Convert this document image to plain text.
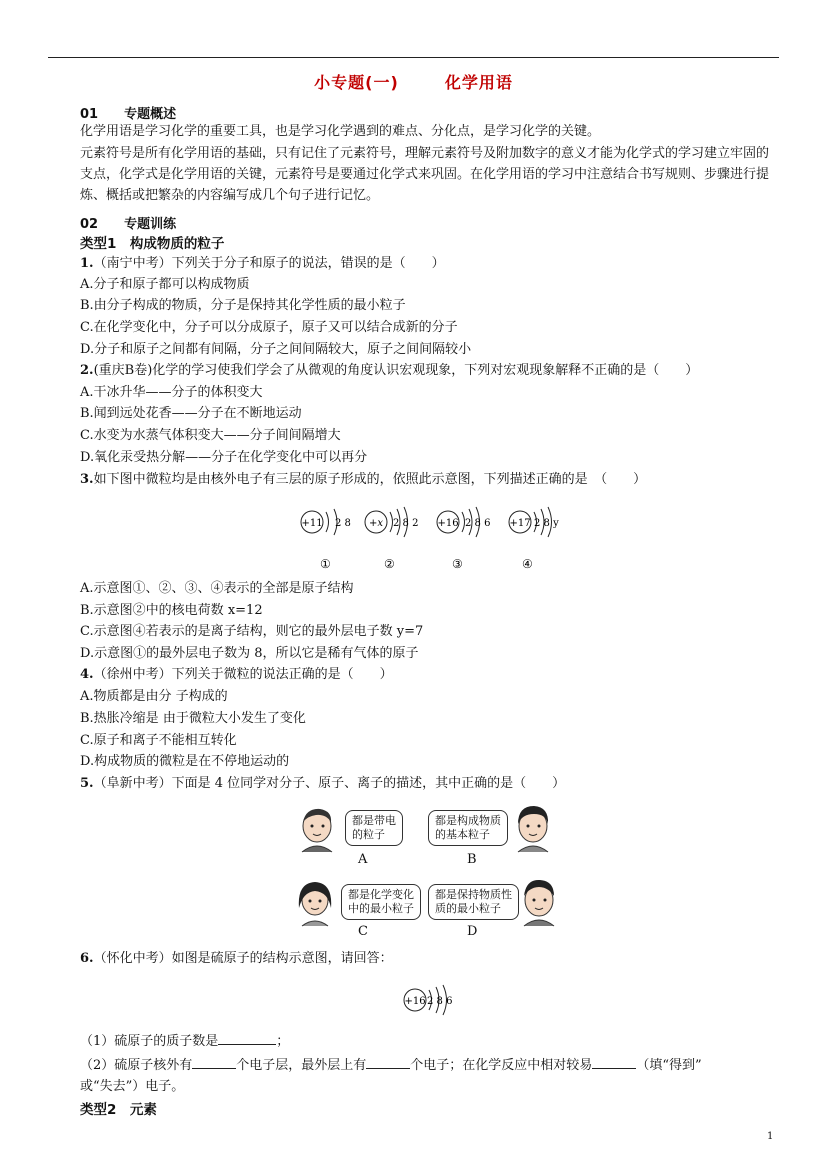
小专题(一)	化学用语
01 专题概述
化学用语是学习化学的重要工具，也是学习化学遇到的难点、分化点，是学习化学的关键。
元素符号是所有化学用语的基础，只有记住了元素符号，理解元素符号及附加数字的意义才能为化学式的学习建立牢固的支点，化学式是化学用语的关键，元素符号是要通过化学式来巩固。在化学用语的学习中注意结合书写规则、步骤进行提炼、概括或把繁杂的内容编写成几个句子进行记忆。
02 专题训练
类型1　构成物质的粒子
1.（南宁中考）下列关于分子和原子的说法，错误的是（　　）
A.分子和原子都可以构成物质
B.由分子构成的物质，分子是保持其化学性质的最小粒子
C.在化学变化中，分子可以分成原子，原子又可以结合成新的分子
D.分子和原子之间都有间隔，分子之间间隔较大，原子之间间隔较小
2.(重庆B卷)化学的学习使我们学会了从微观的角度认识宏观现象，下列对宏观现象解释不正确的是（　　）
A.干冰升华——分子的体积变大
B.闻到远处花香——分子在不断地运动
C.水变为水蒸气体积变大——分子间间隔增大
D.氧化汞受热分解——分子在化学变化中可以再分
3.如下图中微粒均是由核外电子有三层的原子形成的，依照此示意图，下列描述正确的是　（　　）
+11 2 8
①
+x 2 8 2
②
+16 2 8 6
③
+17 2 8 y
④
A.示意图①、②、③、④表示的全部是原子结构
B.示意图②中的核电荷数 x=12
C.示意图④若表示的是离子结构，则它的最外层电子数 y=7
D.示意图①的最外层电子数为 8，所以它是稀有气体的原子
4.（徐州中考）下列关于微粒的说法正确的是（　　）
A.物质都是由分 子构成的
B.热胀冷缩是 由于微粒大小发生了变化
C.原子和离子不能相互转化
D.构成物质的微粒是在不停地运动的
5.（阜新中考）下面是 4 位同学对分子、原子、离子的描述，其中正确的是（　　）
都是带电
的粒子
A
都是构成物质
的基本粒子
B
都是化学变化
中的最小粒子
C
都是保持物质性
质的最小粒子
D
6.（怀化中考）如图是硫原子的结构示意图，请回答：
+16 2 8 6
（1）硫原子的质子数是	；
（2）硫原子核外有	个电子层，最外层上有	个电子；在化学反应中相对较易	（填“得到”
或“失去”）电子。
类型2　元素
1
